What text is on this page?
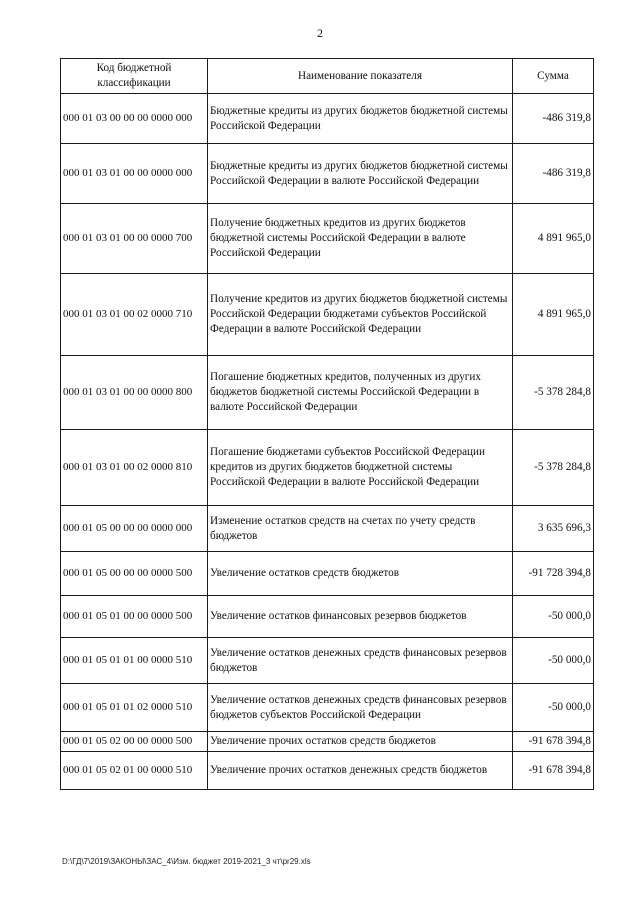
2
Код бюджетной классификации	Наименование показателя	Сумма
000 01 03 00 00 00 0000 000	Бюджетные кредиты из других бюджетов бюджетной системы Российской Федерации	-486 319,8
000 01 03 01 00 00 0000 000	Бюджетные кредиты из других бюджетов бюджетной системы Российской Федерации в валюте Российской Федерации	-486 319,8
000 01 03 01 00 00 0000 700	Получение бюджетных кредитов из других бюджетов бюджетной системы Российской Федерации в валюте Российской Федерации	4 891 965,0
000 01 03 01 00 02 0000 710	Получение кредитов из других бюджетов бюджетной системы Российской Федерации бюджетами субъектов Российской Федерации в валюте Российской Федерации	4 891 965,0
000 01 03 01 00 00 0000 800	Погашение бюджетных кредитов, полученных из других бюджетов бюджетной системы Российской Федерации в валюте Российской Федерации	-5 378 284,8
000 01 03 01 00 02 0000 810	Погашение бюджетами субъектов Российской Федерации кредитов из других бюджетов бюджетной системы Российской Федерации в валюте Российской Федерации	-5 378 284,8
000 01 05 00 00 00 0000 000	Изменение остатков средств на счетах по учету средств бюджетов	3 635 696,3
000 01 05 00 00 00 0000 500	Увеличение остатков средств бюджетов	-91 728 394,8
000 01 05 01 00 00 0000 500	Увеличение остатков финансовых резервов бюджетов	-50 000,0
000 01 05 01 01 00 0000 510	Увеличение остатков денежных средств финансовых резервов бюджетов	-50 000,0
000 01 05 01 01 02 0000 510	Увеличение остатков денежных средств финансовых резервов бюджетов субъектов Российской Федерации	-50 000,0
000 01 05 02 00 00 0000 500	Увеличение прочих остатков средств бюджетов	-91 678 394,8
000 01 05 02 01 00 0000 510	Увеличение прочих остатков денежных средств бюджетов	-91 678 394,8
D:\ГД\7\2019\ЗАКОНЫ\ЗАС_4\Изм. бюджет 2019-2021_3 чт\pr29.xls
